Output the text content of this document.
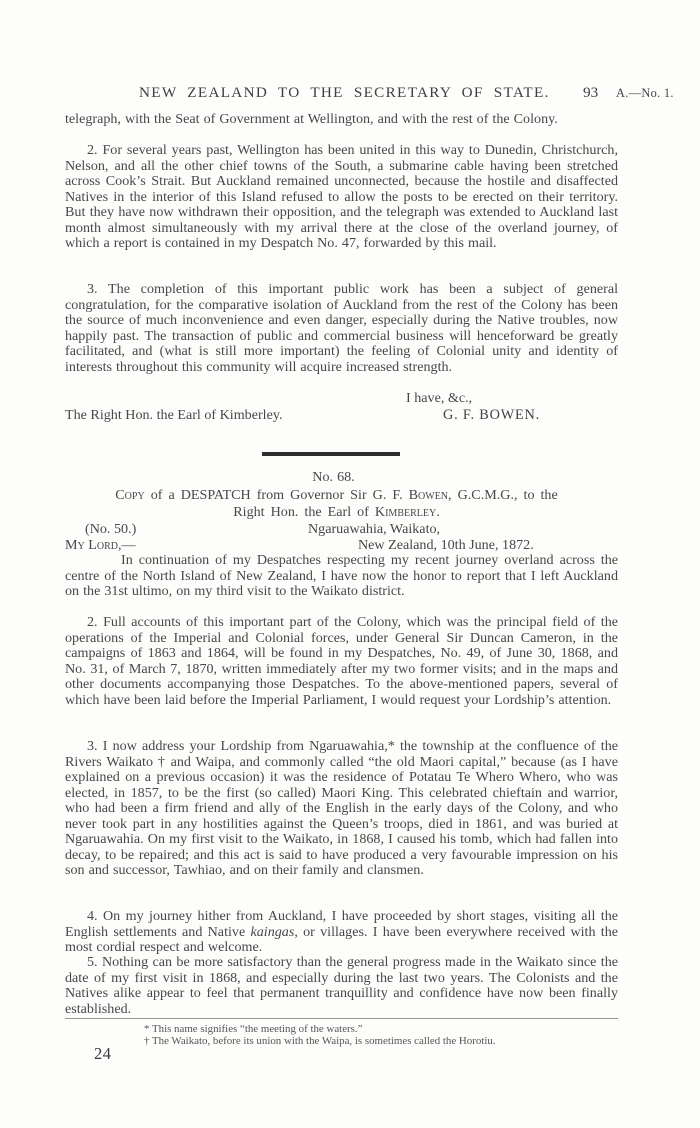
NEW ZEALAND TO THE SECRETARY OF STATE. 93 A.—No. 1.

telegraph, with the Seat of Government at Wellington, and with the rest of the Colony.

2. For several years past, Wellington has been united in this way to Dunedin, Christchurch, Nelson, and all the other chief towns of the South, a submarine cable having been stretched across Cook’s Strait. But Auckland remained unconnected, because the hostile and disaffected Natives in the interior of this Island refused to allow the posts to be erected on their territory. But they have now withdrawn their opposition, and the telegraph was extended to Auckland last month almost simultaneously with my arrival there at the close of the overland journey, of which a report is contained in my Despatch No. 47, forwarded by this mail.

3. The completion of this important public work has been a subject of general congratulation, for the comparative isolation of Auckland from the rest of the Colony has been the source of much inconvenience and even danger, especially during the Native troubles, now happily past. The transaction of public and commercial business will henceforward be greatly facilitated, and (what is still more important) the feeling of Colonial unity and identity of interests throughout this community will acquire increased strength.

I have, &c.,
The Right Hon. the Earl of Kimberley.	G. F. BOWEN.
No. 68.
Copy of a DESPATCH from Governor Sir G. F. Bowen, G.C.M.G., to the
Right Hon. the Earl of Kimberley.
(No. 50.)	Ngaruawahia, Waikato,
My Lord,—	New Zealand, 10th June, 1872.

In continuation of my Despatches respecting my recent journey overland across the centre of the North Island of New Zealand, I have now the honor to report that I left Auckland on the 31st ultimo, on my third visit to the Waikato district.

2. Full accounts of this important part of the Colony, which was the principal field of the operations of the Imperial and Colonial forces, under General Sir Duncan Cameron, in the campaigns of 1863 and 1864, will be found in my Despatches, No. 49, of June 30, 1868, and No. 31, of March 7, 1870, written immediately after my two former visits; and in the maps and other documents accompanying those Despatches. To the above-mentioned papers, several of which have been laid before the Imperial Parliament, I would request your Lordship’s attention.

3. I now address your Lordship from Ngaruawahia,* the township at the confluence of the Rivers Waikato † and Waipa, and commonly called “the old Maori capital,” because (as I have explained on a previous occasion) it was the residence of Potatau Te Whero Whero, who was elected, in 1857, to be the first (so called) Maori King. This celebrated chieftain and warrior, who had been a firm friend and ally of the English in the early days of the Colony, and who never took part in any hostilities against the Queen’s troops, died in 1861, and was buried at Ngaruawahia. On my first visit to the Waikato, in 1868, I caused his tomb, which had fallen into decay, to be repaired; and this act is said to have produced a very favourable impression on his son and successor, Tawhiao, and on their family and clansmen.

4. On my journey hither from Auckland, I have proceeded by short stages, visiting all the English settlements and Native kaingas, or villages. I have been everywhere received with the most cordial respect and welcome.

5. Nothing can be more satisfactory than the general progress made in the Waikato since the date of my first visit in 1868, and especially during the last two years. The Colonists and the Natives alike appear to feel that permanent tranquillity and confidence have now been finally established.

* This name signifies “the meeting of the waters.”
† The Waikato, before its union with the Waipa, is sometimes called the Horotiu.
24
